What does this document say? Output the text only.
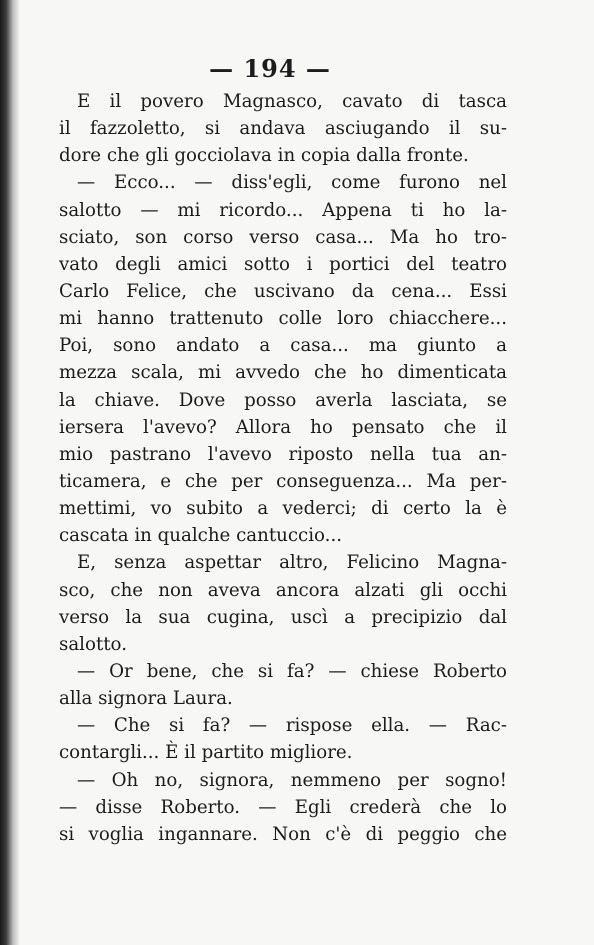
— 194 —
E il povero Magnasco, cavato di tasca
il fazzoletto, si andava asciugando il su-
dore che gli gocciolava in copia dalla fronte.
— Ecco... — diss'egli, come furono nel
salotto — mi ricordo... Appena ti ho la-
sciato, son corso verso casa... Ma ho tro-
vato degli amici sotto i portici del teatro
Carlo Felice, che uscivano da cena... Essi
mi hanno trattenuto colle loro chiacchere...
Poi, sono andato a casa... ma giunto a
mezza scala, mi avvedo che ho dimenticata
la chiave. Dove posso averla lasciata, se
iersera l'avevo? Allora ho pensato che il
mio pastrano l'avevo riposto nella tua an-
ticamera, e che per conseguenza... Ma per-
mettimi, vo subito a vederci; di certo la è
cascata in qualche cantuccio...
E, senza aspettar altro, Felicino Magna-
sco, che non aveva ancora alzati gli occhi
verso la sua cugina, uscì a precipizio dal
salotto.
— Or bene, che si fa? — chiese Roberto
alla signora Laura.
— Che si fa? — rispose ella. — Rac-
contargli... È il partito migliore.
— Oh no, signora, nemmeno per sogno!
— disse Roberto. — Egli crederà che lo
si voglia ingannare. Non c'è di peggio che
